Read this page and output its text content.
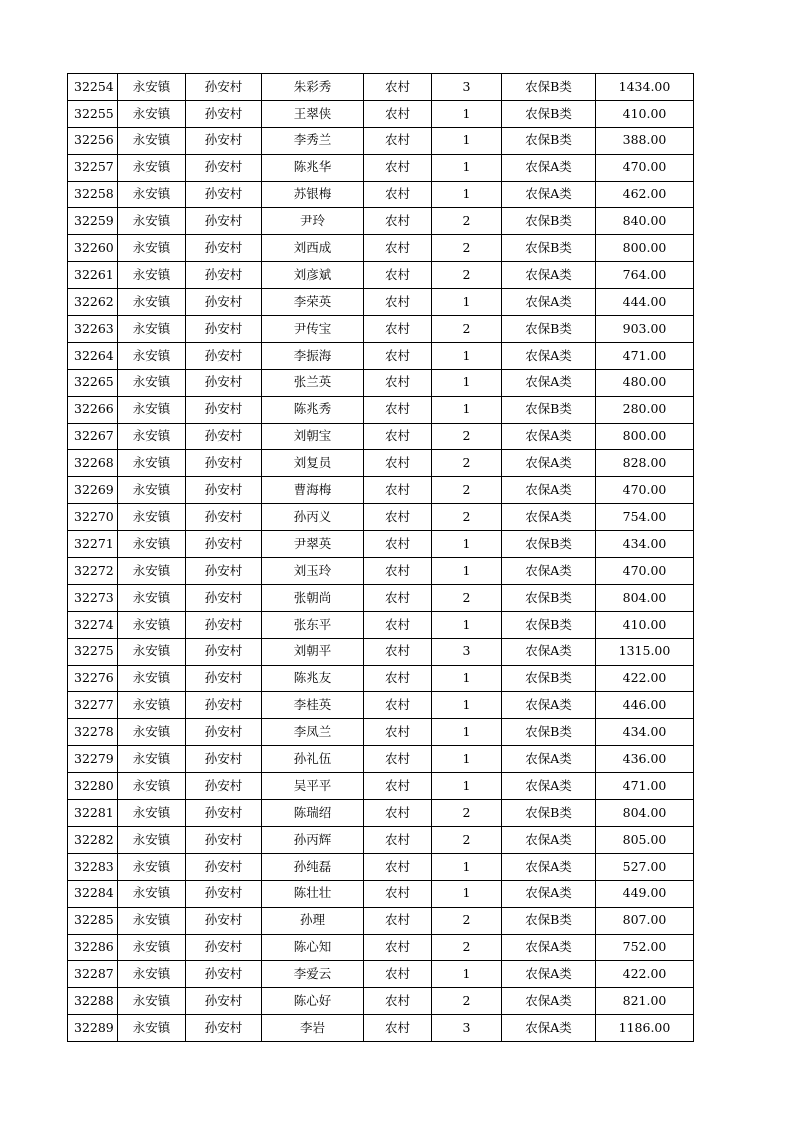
32254	永安镇	孙安村	朱彩秀	农村	3	农保B类	1434.00
32255	永安镇	孙安村	王翠侠	农村	1	农保B类	410.00
32256	永安镇	孙安村	李秀兰	农村	1	农保B类	388.00
32257	永安镇	孙安村	陈兆华	农村	1	农保A类	470.00
32258	永安镇	孙安村	苏银梅	农村	1	农保A类	462.00
32259	永安镇	孙安村	尹玲	农村	2	农保B类	840.00
32260	永安镇	孙安村	刘西成	农村	2	农保B类	800.00
32261	永安镇	孙安村	刘彦斌	农村	2	农保A类	764.00
32262	永安镇	孙安村	李荣英	农村	1	农保A类	444.00
32263	永安镇	孙安村	尹传宝	农村	2	农保B类	903.00
32264	永安镇	孙安村	李振海	农村	1	农保A类	471.00
32265	永安镇	孙安村	张兰英	农村	1	农保A类	480.00
32266	永安镇	孙安村	陈兆秀	农村	1	农保B类	280.00
32267	永安镇	孙安村	刘朝宝	农村	2	农保A类	800.00
32268	永安镇	孙安村	刘复员	农村	2	农保A类	828.00
32269	永安镇	孙安村	曹海梅	农村	2	农保A类	470.00
32270	永安镇	孙安村	孙丙义	农村	2	农保A类	754.00
32271	永安镇	孙安村	尹翠英	农村	1	农保B类	434.00
32272	永安镇	孙安村	刘玉玲	农村	1	农保A类	470.00
32273	永安镇	孙安村	张朝尚	农村	2	农保B类	804.00
32274	永安镇	孙安村	张东平	农村	1	农保B类	410.00
32275	永安镇	孙安村	刘朝平	农村	3	农保A类	1315.00
32276	永安镇	孙安村	陈兆友	农村	1	农保B类	422.00
32277	永安镇	孙安村	李桂英	农村	1	农保A类	446.00
32278	永安镇	孙安村	李凤兰	农村	1	农保B类	434.00
32279	永安镇	孙安村	孙礼伍	农村	1	农保A类	436.00
32280	永安镇	孙安村	吴平平	农村	1	农保A类	471.00
32281	永安镇	孙安村	陈瑞绍	农村	2	农保B类	804.00
32282	永安镇	孙安村	孙丙辉	农村	2	农保A类	805.00
32283	永安镇	孙安村	孙纯磊	农村	1	农保A类	527.00
32284	永安镇	孙安村	陈壮壮	农村	1	农保A类	449.00
32285	永安镇	孙安村	孙理	农村	2	农保B类	807.00
32286	永安镇	孙安村	陈心知	农村	2	农保A类	752.00
32287	永安镇	孙安村	李爱云	农村	1	农保A类	422.00
32288	永安镇	孙安村	陈心好	农村	2	农保A类	821.00
32289	永安镇	孙安村	李岩	农村	3	农保A类	1186.00
